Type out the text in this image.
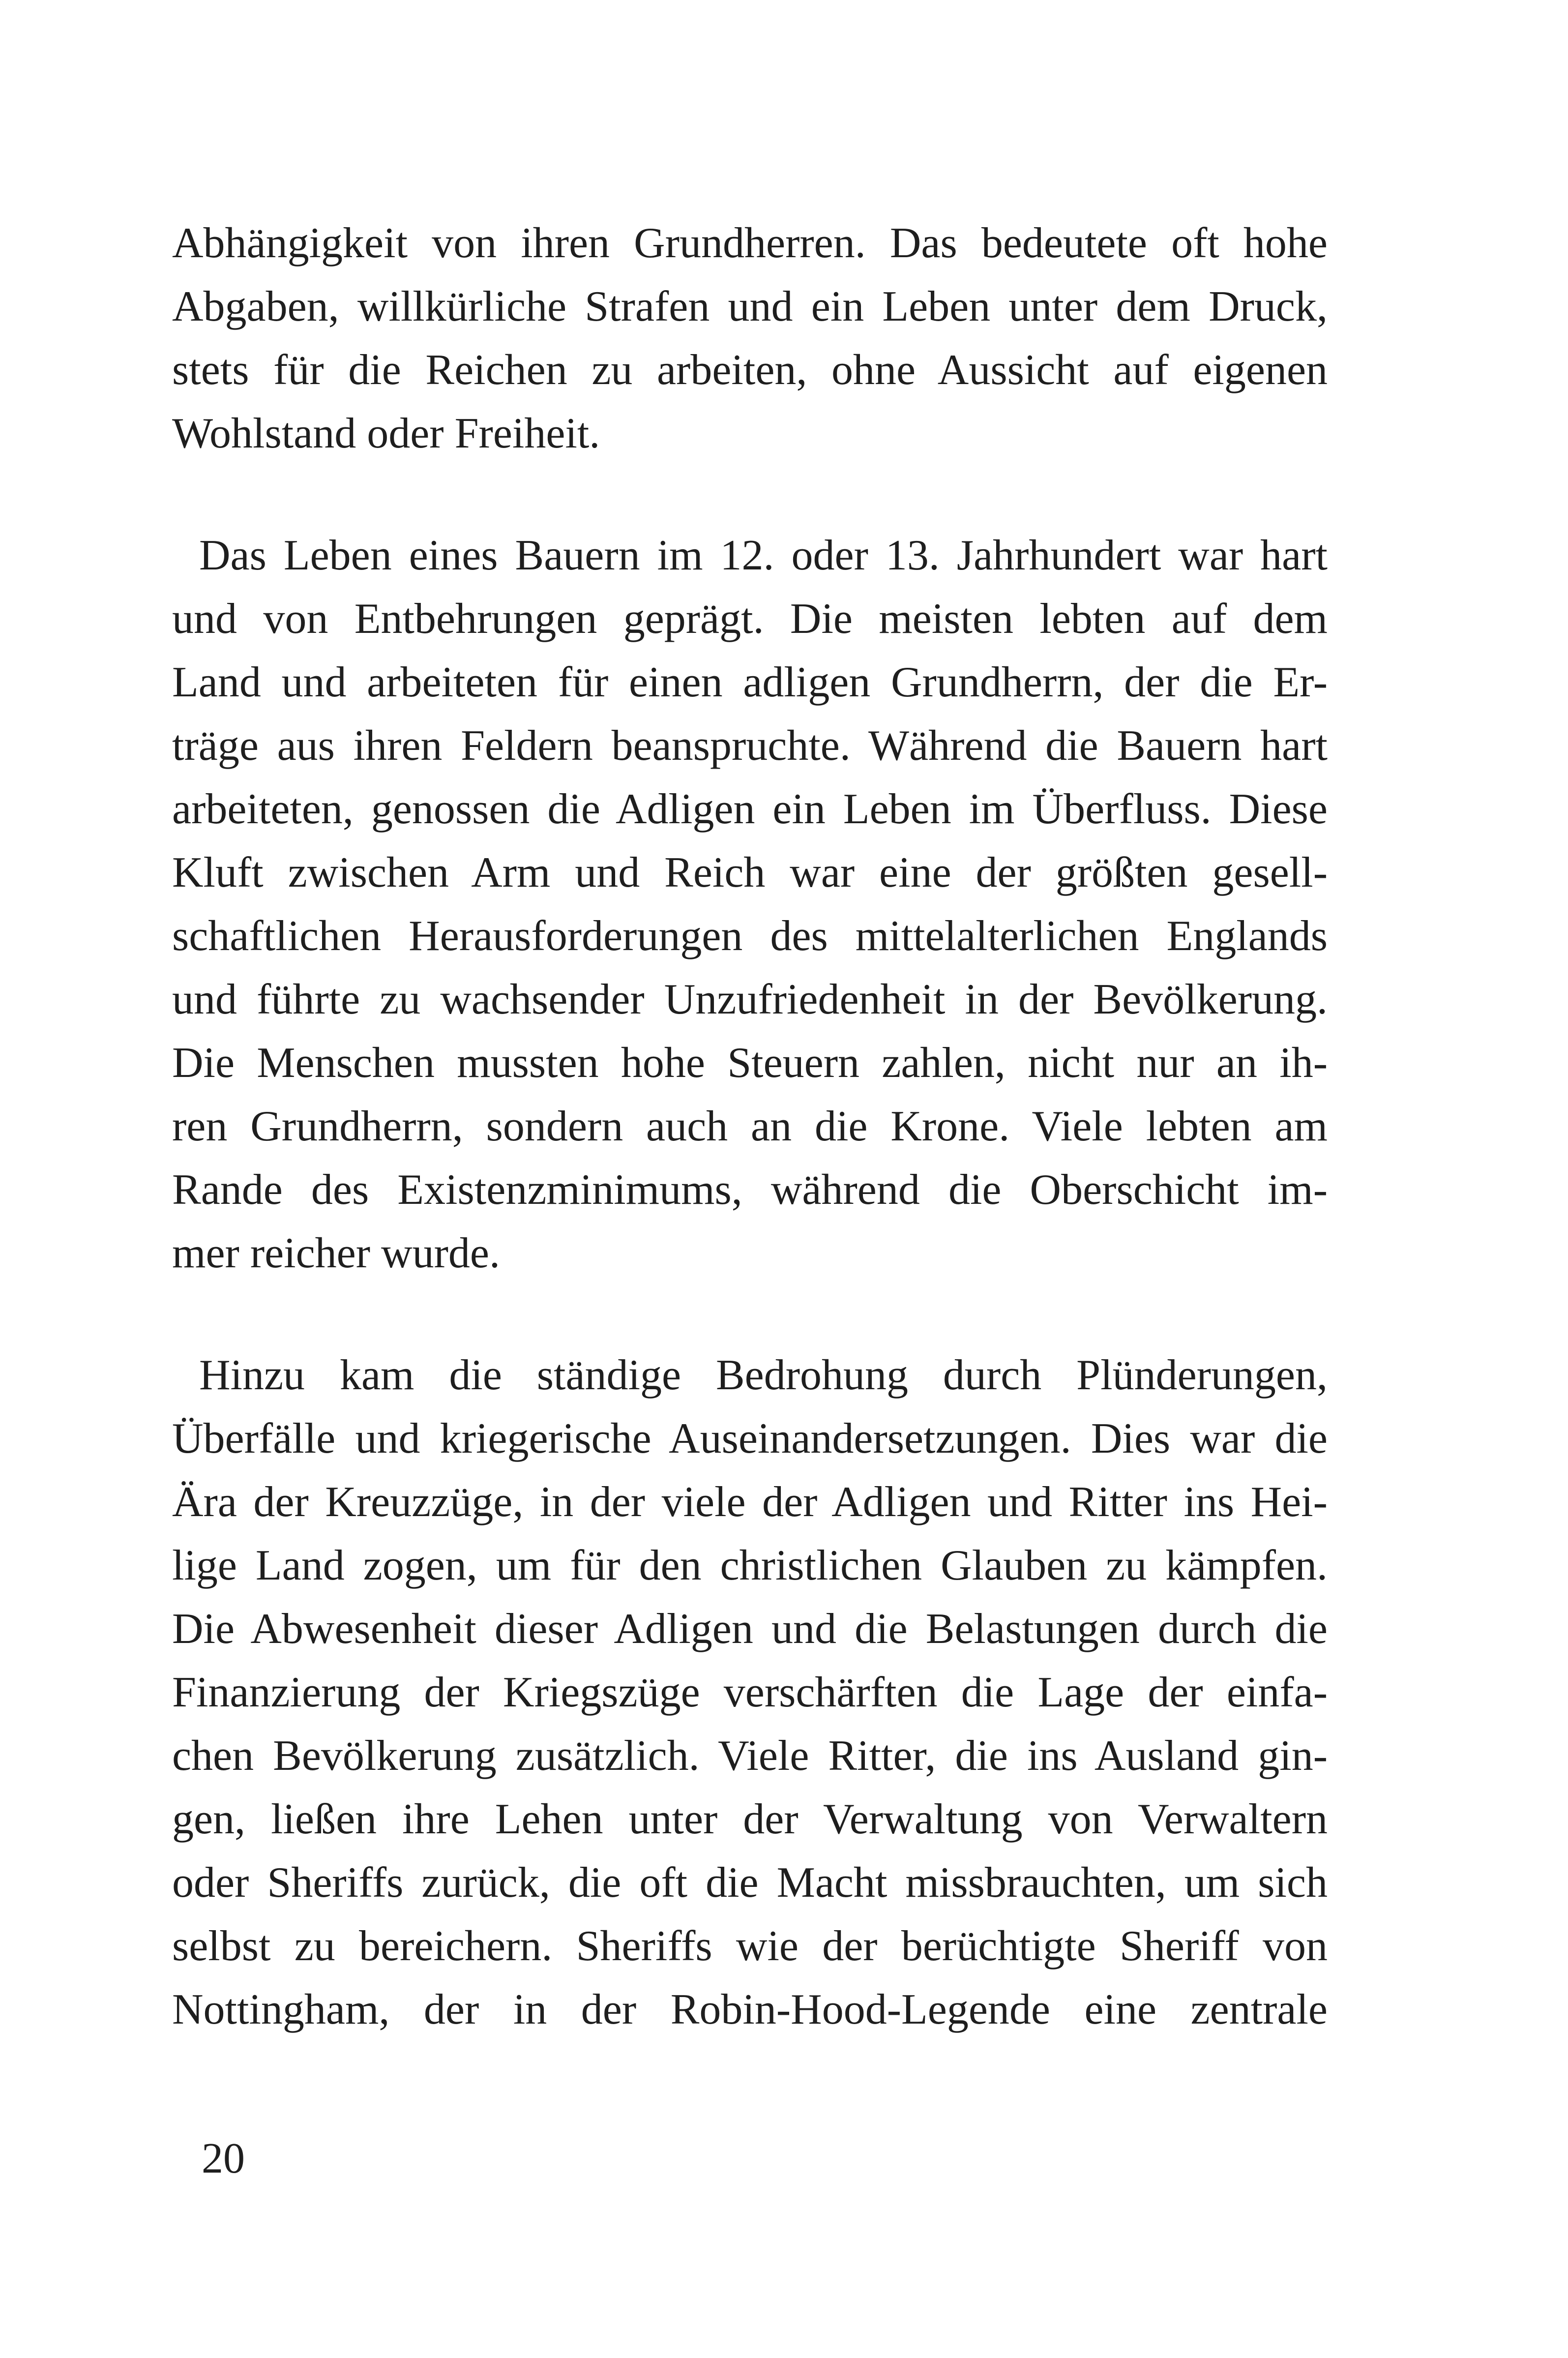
Abhängigkeit von ihren Grundherren. Das bedeutete oft hohe
Abgaben, willkürliche Strafen und ein Leben unter dem Druck,
stets für die Reichen zu arbeiten, ohne Aussicht auf eigenen
Wohlstand oder Freiheit.
Das Leben eines Bauern im 12. oder 13. Jahrhundert war hart
und von Entbehrungen geprägt. Die meisten lebten auf dem
Land und arbeiteten für einen adligen Grundherrn, der die Er-
träge aus ihren Feldern beanspruchte. Während die Bauern hart
arbeiteten, genossen die Adligen ein Leben im Überfluss. Diese
Kluft zwischen Arm und Reich war eine der größten gesell-
schaftlichen Herausforderungen des mittelalterlichen Englands
und führte zu wachsender Unzufriedenheit in der Bevölkerung.
Die Menschen mussten hohe Steuern zahlen, nicht nur an ih-
ren Grundherrn, sondern auch an die Krone. Viele lebten am
Rande des Existenzminimums, während die Oberschicht im-
mer reicher wurde.
Hinzu kam die ständige Bedrohung durch Plünderungen,
Überfälle und kriegerische Auseinandersetzungen. Dies war die
Ära der Kreuzzüge, in der viele der Adligen und Ritter ins Hei-
lige Land zogen, um für den christlichen Glauben zu kämpfen.
Die Abwesenheit dieser Adligen und die Belastungen durch die
Finanzierung der Kriegszüge verschärften die Lage der einfa-
chen Bevölkerung zusätzlich. Viele Ritter, die ins Ausland gin-
gen, ließen ihre Lehen unter der Verwaltung von Verwaltern
oder Sheriffs zurück, die oft die Macht missbrauchten, um sich
selbst zu bereichern. Sheriffs wie der berüchtigte Sheriff von
Nottingham, der in der Robin-Hood-Legende eine zentrale
20
